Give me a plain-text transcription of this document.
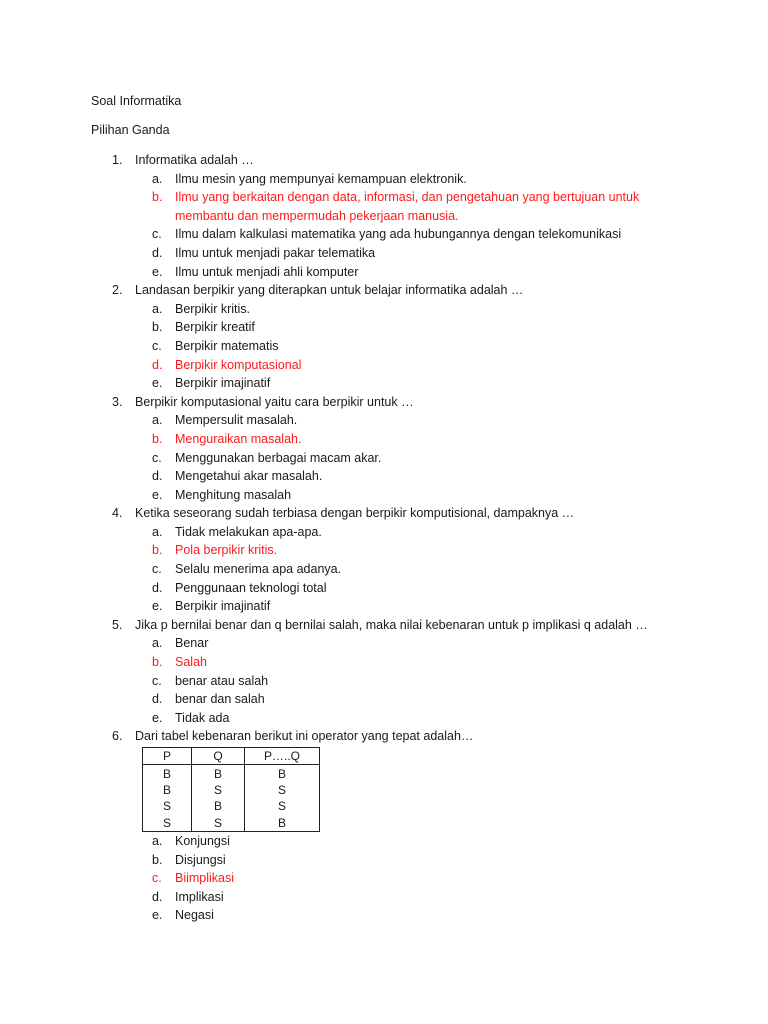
Soal Informatika
Pilihan Ganda
1.	Informatika adalah …
a.	Ilmu mesin yang mempunyai kemampuan elektronik.
b.	Ilmu yang berkaitan dengan data, informasi, dan pengetahuan yang bertujuan untuk membantu dan mempermudah pekerjaan manusia.
c.	Ilmu dalam kalkulasi matematika yang ada hubungannya dengan telekomunikasi
d.	Ilmu untuk menjadi pakar telematika
e.	Ilmu untuk menjadi ahli komputer
2.	Landasan berpikir yang diterapkan untuk belajar informatika adalah …
a.	Berpikir kritis.
b.	Berpikir kreatif
c.	Berpikir matematis
d.	Berpikir komputasional
e.	Berpikir imajinatif
3.	Berpikir komputasional yaitu cara berpikir untuk …
a.	Mempersulit masalah.
b.	Menguraikan masalah.
c.	Menggunakan berbagai macam akar.
d.	Mengetahui akar masalah.
e.	Menghitung masalah
4.	Ketika seseorang sudah terbiasa dengan berpikir komputisional, dampaknya …
a.	Tidak melakukan apa-apa.
b.	Pola berpikir kritis.
c.	Selalu menerima apa adanya.
d.	Penggunaan teknologi total
e.	Berpikir imajinatif
5.	Jika p bernilai benar dan q bernilai salah, maka nilai kebenaran untuk p implikasi q adalah …
a.	Benar
b.	Salah
c.	benar atau salah
d.	benar dan salah
e.	Tidak ada
6.	Dari tabel kebenaran berikut ini operator yang tepat adalah…
P	Q	P…..Q
B	B	B
B	S	S
S	B	S
S	S	B
a.	Konjungsi
b.	Disjungsi
c.	Biimplikasi
d.	Implikasi
e.	Negasi
